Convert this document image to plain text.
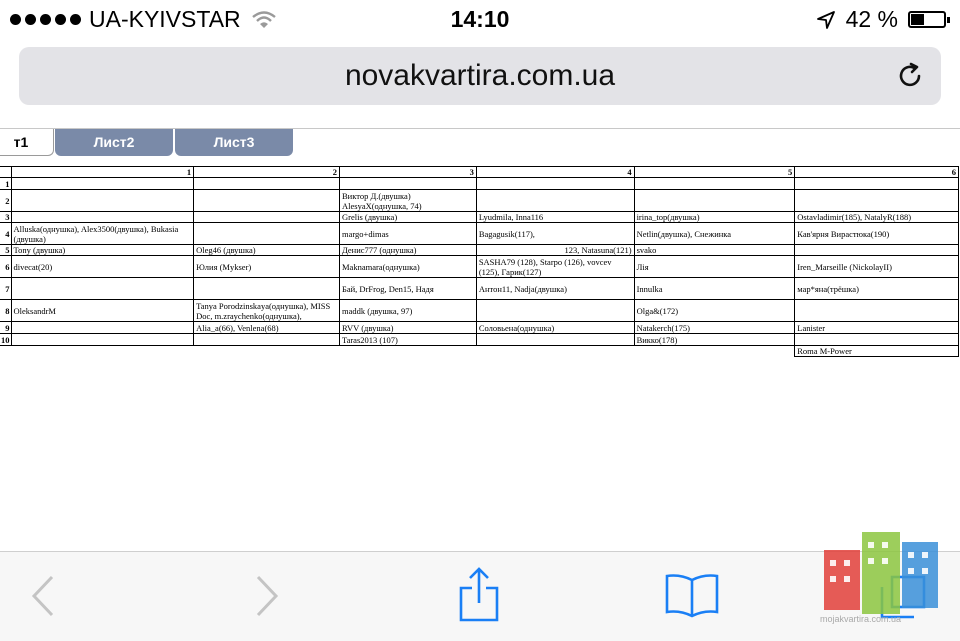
UA-KYIVSTAR	14:10	42 %
novakvartira.com.ua
т1	Лист2	Лист3
	1	2	3	4	5	6
1						
2			Виктор Д.(двушка)
AlesyaX(однушка, 74)			
3			Grelis (двушка)	Lyudmila, Inna116	irina_top(двушка)	Ostavladimir(185), NatalyR(188)
4	Alluska(однушка), Alex3500(двушка), Bukasia (двушка)		margo+dimas	Bagagusik(117),	Netlin(двушка), Снежинка	Кав'ярня Вирастюка(190)
5	Tony (двушка)	Oleg46 (двушка)	Денис777 (однушка)	123, Natasuna(121)	svako	
6	divecat(20)	Юлия (Mykser)	Maknamara(однушка)	SASHA79 (128), Starpo (126), vovcev (125), Гарик(127)	Лія	Iren_Marseille (NickolayII)
7			Бай, DrFrog, Den15, Надя	Антон11, Nadja(двушка)	Innulka	мар*яна(трёшка)
8	OleksandrM	Tanya Porodzinskaya(однушка), MISS Doc, m.zraychenko(однушка),	maddk (двушка, 97)		Olga&(172)	
9		Alia_a(66), Venlena(68)	RVV (двушка)	Соловьена(однушка)	Natakerch(175)	Lanister
10			Taras2013 (107)		Викко(178)	
						Roma M-Power
mojakvartira.com.ua
